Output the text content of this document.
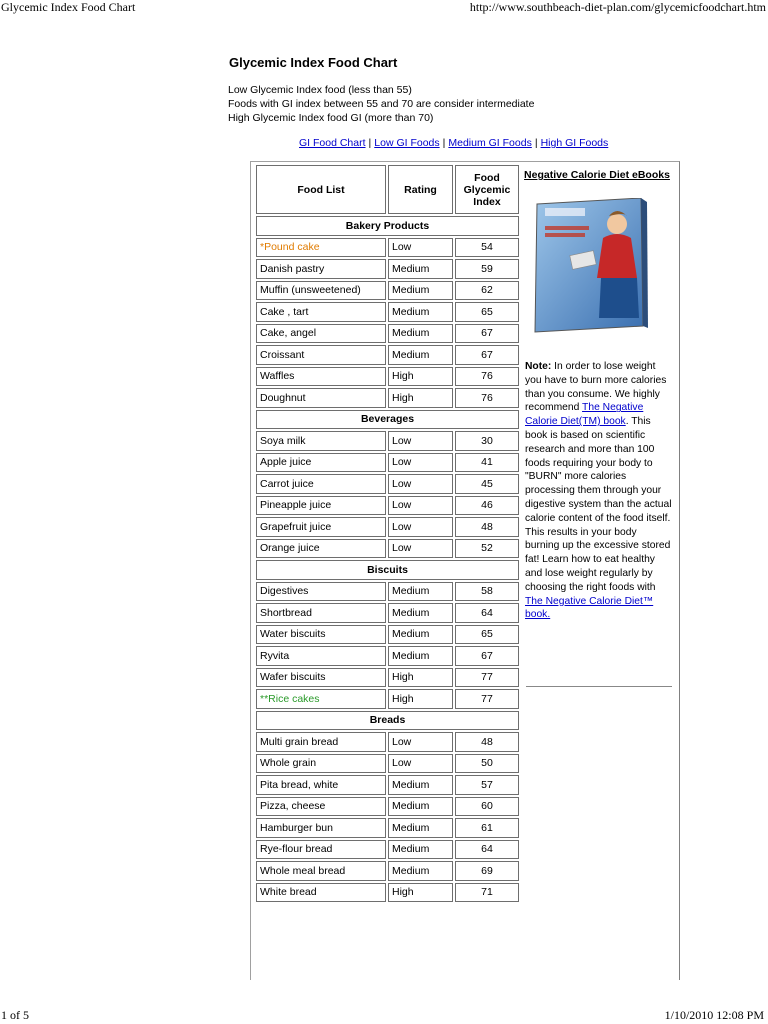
Glycemic Index Food Chart	http://www.southbeach-diet-plan.com/glycemicfoodchart.htm
Glycemic Index Food Chart
Low Glycemic Index food (less than 55)
Foods with GI index between 55 and 70 are consider intermediate
High Glycemic Index food GI (more than 70)
GI Food Chart | Low GI Foods | Medium GI Foods | High GI Foods
Food List	Rating	Food Glycemic Index
Bakery Products		
*Pound cake	Low	54
Danish pastry	Medium	59
Muffin (unsweetened)	Medium	62
Cake , tart	Medium	65
Cake, angel	Medium	67
Croissant	Medium	67
Waffles	High	76
Doughnut	High	76
Beverages		
Soya milk	Low	30
Apple juice	Low	41
Carrot juice	Low	45
Pineapple juice	Low	46
Grapefruit juice	Low	48
Orange juice	Low	52
Biscuits		
Digestives	Medium	58
Shortbread	Medium	64
Water biscuits	Medium	65
Ryvita	Medium	67
Wafer biscuits	High	77
**Rice cakes	High	77
Breads		
Multi grain bread	Low	48
Whole grain	Low	50
Pita bread, white	Medium	57
Pizza, cheese	Medium	60
Hamburger bun	Medium	61
Rye-flour bread	Medium	64
Whole meal bread	Medium	69
White bread	High	71
Negative Calorie Diet eBooks
Note: In order to lose weight you have to burn more calories than you consume. We highly recommend The Negative Calorie Diet(TM) book. This book is based on scientific research and more than 100 foods requiring your body to "BURN" more calories processing them through your digestive system than the actual calorie content of the food itself. This results in your body burning up the excessive stored fat! Learn how to eat healthy and lose weight regularly by choosing the right foods with The Negative Calorie Diet™ book.
1 of 5	1/10/2010 12:08 PM
